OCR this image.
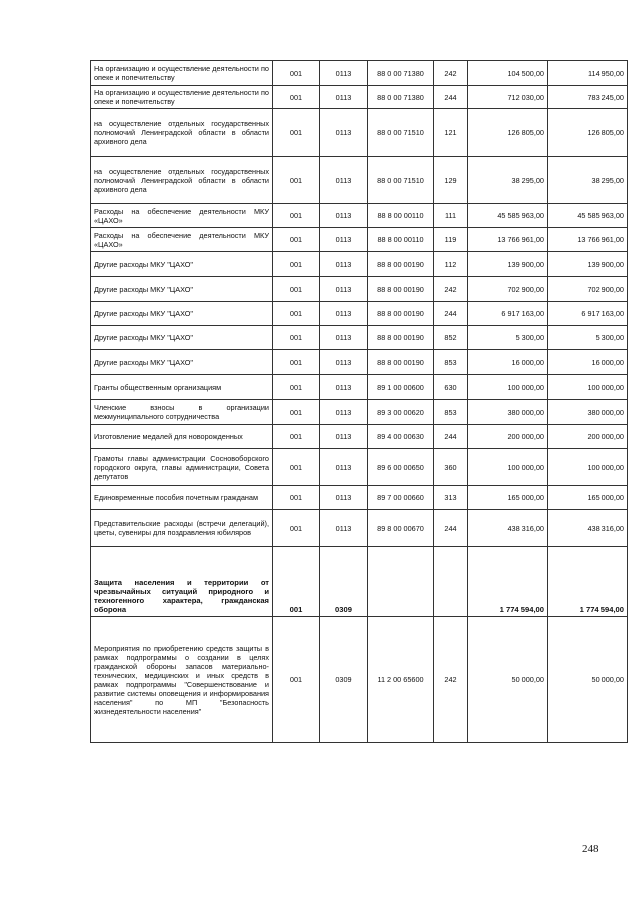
На организацию и осуществление деятельности по опеке и попечительству	001	0113	88 0 00 71380	242	104 500,00	114 950,00
На организацию и осуществление деятельности по опеке и попечительству	001	0113	88 0 00 71380	244	712 030,00	783 245,00
на осуществление отдельных государственных полномочий Ленинградской области в области архивного дела	001	0113	88 0 00 71510	121	126 805,00	126 805,00
на осуществление отдельных государственных полномочий Ленинградской области в области архивного дела	001	0113	88 0 00 71510	129	38 295,00	38 295,00
Расходы на обеспечение деятельности МКУ «ЦАХО»	001	0113	88 8 00 00110	111	45 585 963,00	45 585 963,00
Расходы на обеспечение деятельности МКУ «ЦАХО»	001	0113	88 8 00 00110	119	13 766 961,00	13 766 961,00
Другие расходы МКУ "ЦАХО"	001	0113	88 8 00 00190	112	139 900,00	139 900,00
Другие расходы МКУ "ЦАХО"	001	0113	88 8 00 00190	242	702 900,00	702 900,00
Другие расходы МКУ "ЦАХО"	001	0113	88 8 00 00190	244	6 917 163,00	6 917 163,00
Другие расходы МКУ "ЦАХО"	001	0113	88 8 00 00190	852	5 300,00	5 300,00
Другие расходы МКУ "ЦАХО"	001	0113	88 8 00 00190	853	16 000,00	16 000,00
Гранты общественным организациям	001	0113	89 1 00 00600	630	100 000,00	100 000,00
Членские взносы в организации межмуниципального сотрудничества	001	0113	89 3 00 00620	853	380 000,00	380 000,00
Изготовление медалей для новорожденных	001	0113	89 4 00 00630	244	200 000,00	200 000,00
Грамоты главы администрации Сосновоборского городского округа, главы администрации, Совета депутатов	001	0113	89 6 00 00650	360	100 000,00	100 000,00
Единовременные пособия почетным гражданам	001	0113	89 7 00 00660	313	165 000,00	165 000,00
Представительские расходы (встречи делегаций), цветы, сувениры для поздравления юбиляров	001	0113	89 8 00 00670	244	438 316,00	438 316,00
Защита населения и территории от чрезвычайных ситуаций природного и техногенного характера, гражданская оборона	001	0309			1 774 594,00	1 774 594,00
Мероприятия по приобретению средств защиты в рамках подпрограммы о создании в целях гражданской обороны запасов материально-технических, медицинских и иных средств в рамках подпрограммы "Совершенствование и развитие системы оповещения и информирования населения" по МП "Безопасность жизнедеятельности населения"	001	0309	11 2 00 65600	242	50 000,00	50 000,00
248
